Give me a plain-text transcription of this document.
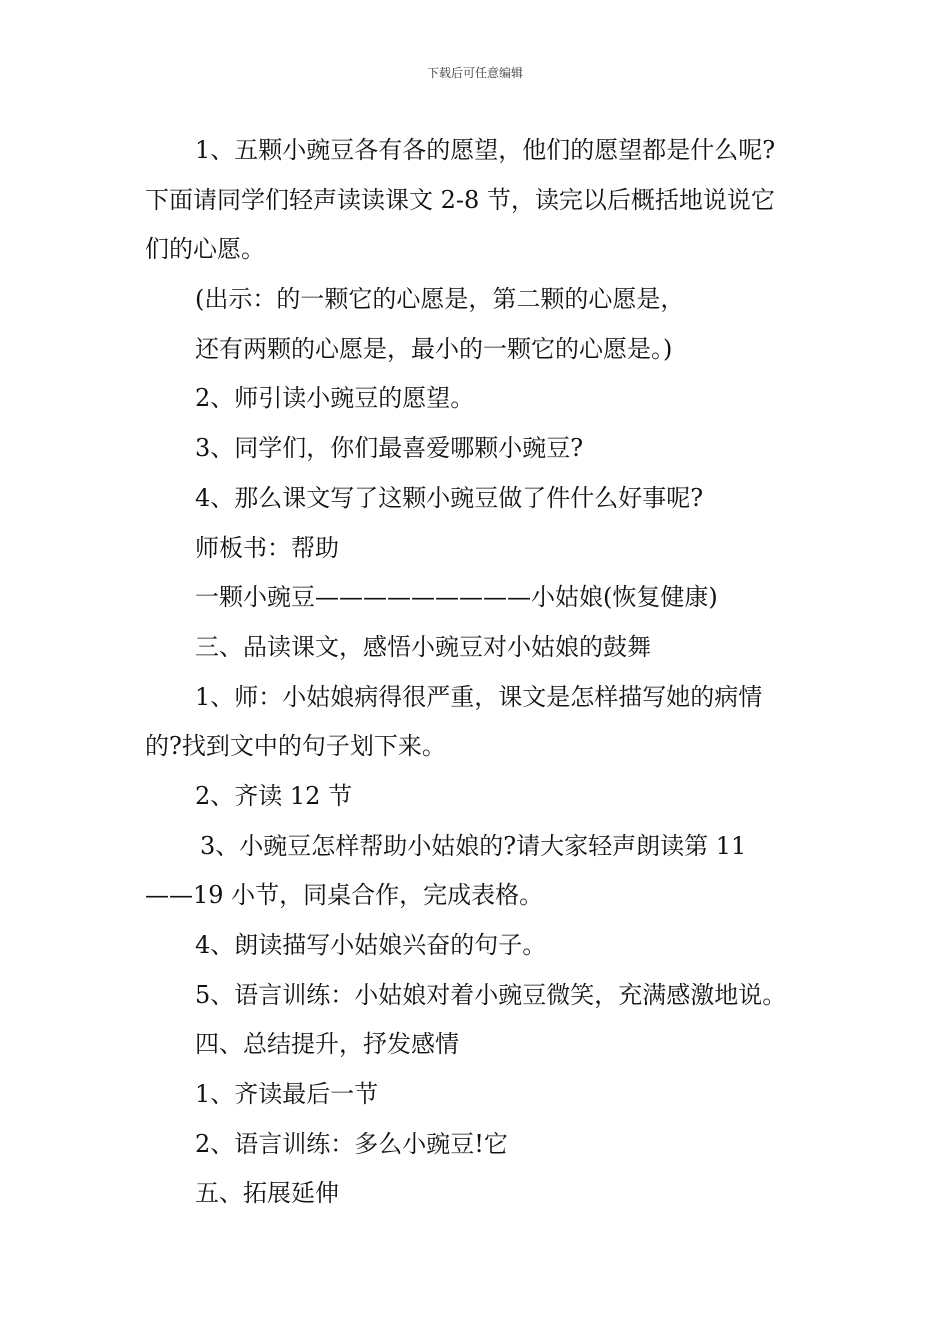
下载后可任意编辑
1、五颗小豌豆各有各的愿望，他们的愿望都是什么呢?
下面请同学们轻声读读课文 2-8 节，读完以后概括地说说它
们的心愿。
(出示：的一颗它的心愿是，第二颗的心愿是，
还有两颗的心愿是，最小的一颗它的心愿是。)
2、师引读小豌豆的愿望。
3、同学们，你们最喜爱哪颗小豌豆?
4、那么课文写了这颗小豌豆做了件什么好事呢?
师板书：帮助
一颗小豌豆—————————小姑娘(恢复健康)
三、品读课文，感悟小豌豆对小姑娘的鼓舞
1、师：小姑娘病得很严重，课文是怎样描写她的病情
的?找到文中的句子划下来。
2、齐读 12 节
3、小豌豆怎样帮助小姑娘的?请大家轻声朗读第 11
——19 小节，同桌合作，完成表格。
4、朗读描写小姑娘兴奋的句子。
5、语言训练：小姑娘对着小豌豆微笑，充满感激地说。
四、总结提升，抒发感情
1、齐读最后一节
2、语言训练：多么小豌豆!它
五、拓展延伸
